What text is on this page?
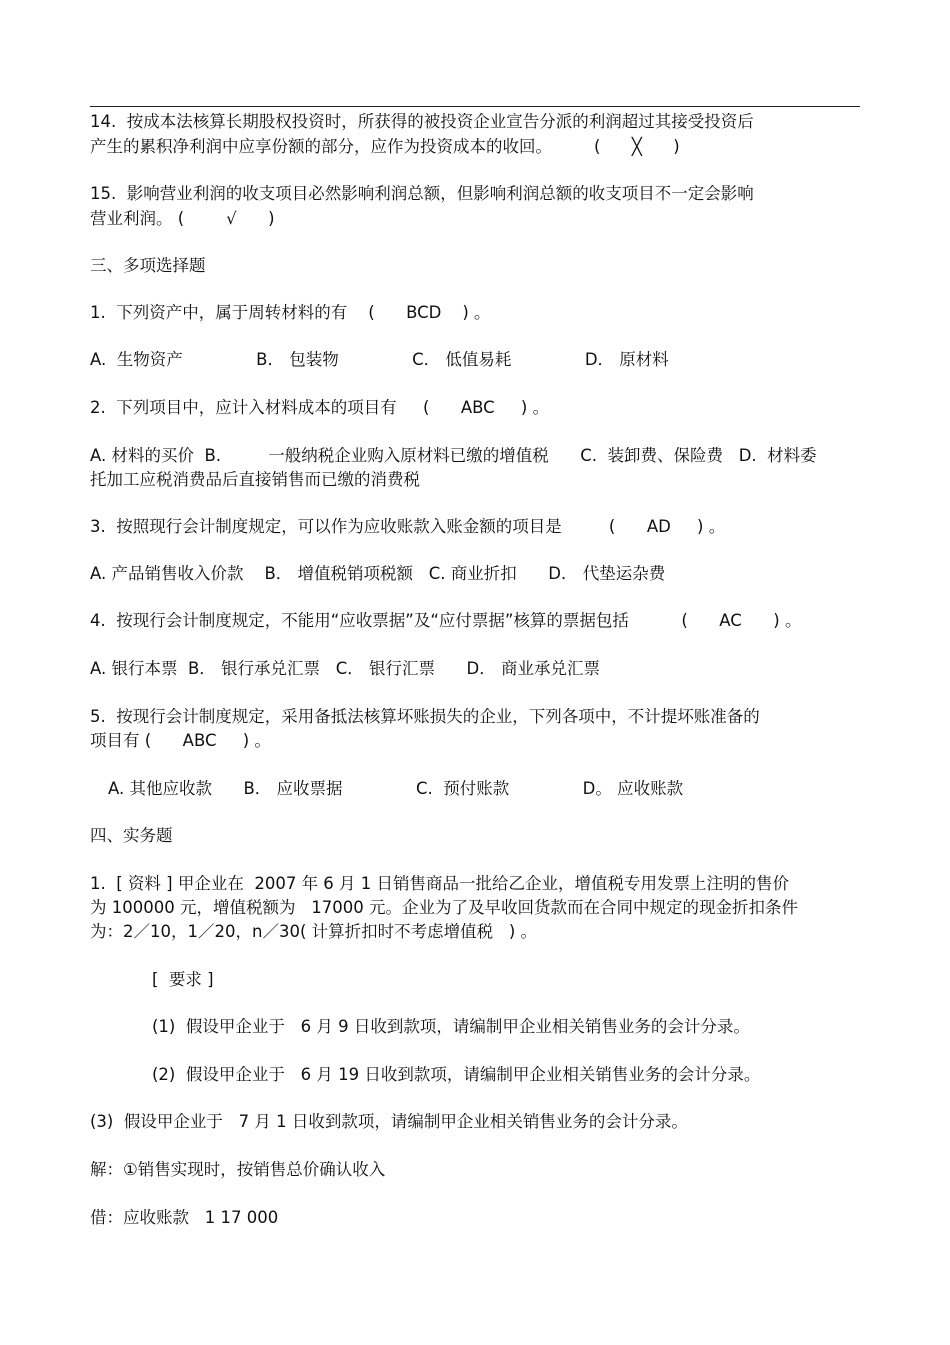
14.  按成本法核算长期股权投资时，所获得的被投资企业宣告分派的利润超过其接受投资后
产生的累积净利润中应享份额的部分，应作为投资成本的收回。        (      ╳      )
15.  影响营业利润的收支项目必然影响利润总额，但影响利润总额的收支项目不一定会影响
营业利润。 (        √      )
三、多项选择题
1.  下列资产中，属于周转材料的有    (      BCD    ) 。
A.  生物资产              B． 包装物              C． 低值易耗              D． 原材料
2.  下列项目中，应计入材料成本的项目有     (      ABC     ) 。
A. 材料的买价  B.         一般纳税企业购入原材料已缴的增值税      C.  装卸费、保险费   D.  材料委
托加工应税消费品后直接销售而已缴的消费税
3.  按照现行会计制度规定，可以作为应收账款入账金额的项目是         (      AD     ) 。
A. 产品销售收入价款    B． 增值税销项税额   C. 商业折扣      D． 代垫运杂费
4.  按现行会计制度规定，不能用“应收票据”及“应付票据”核算的票据包括          (      AC      ) 。
A. 银行本票  B． 银行承兑汇票   C． 银行汇票      D． 商业承兑汇票
5.  按现行会计制度规定，采用备抵法核算坏账损失的企业，下列各项中，不计提坏账准备的
项目有 (      ABC     ) 。
A. 其他应收款      B． 应收票据              C.  预付账款              D。 应收账款
四、实务题
1.  [ 资料 ] 甲企业在  2007 年 6 月 1 日销售商品一批给乙企业，增值税专用发票上注明的售价
为 100000 元，增值税额为   17000 元。企业为了及早收回货款而在合同中规定的现金折扣条件
为：2／10，1／20，n／30( 计算折扣时不考虑增值税   ) 。
[  要求 ]
(1)  假设甲企业于   6 月 9 日收到款项，请编制甲企业相关销售业务的会计分录。
(2)  假设甲企业于   6 月 19 日收到款项，请编制甲企业相关销售业务的会计分录。
(3)  假设甲企业于   7 月 1 日收到款项，请编制甲企业相关销售业务的会计分录。
解：①销售实现时，按销售总价确认收入
借：应收账款   1 17 000
